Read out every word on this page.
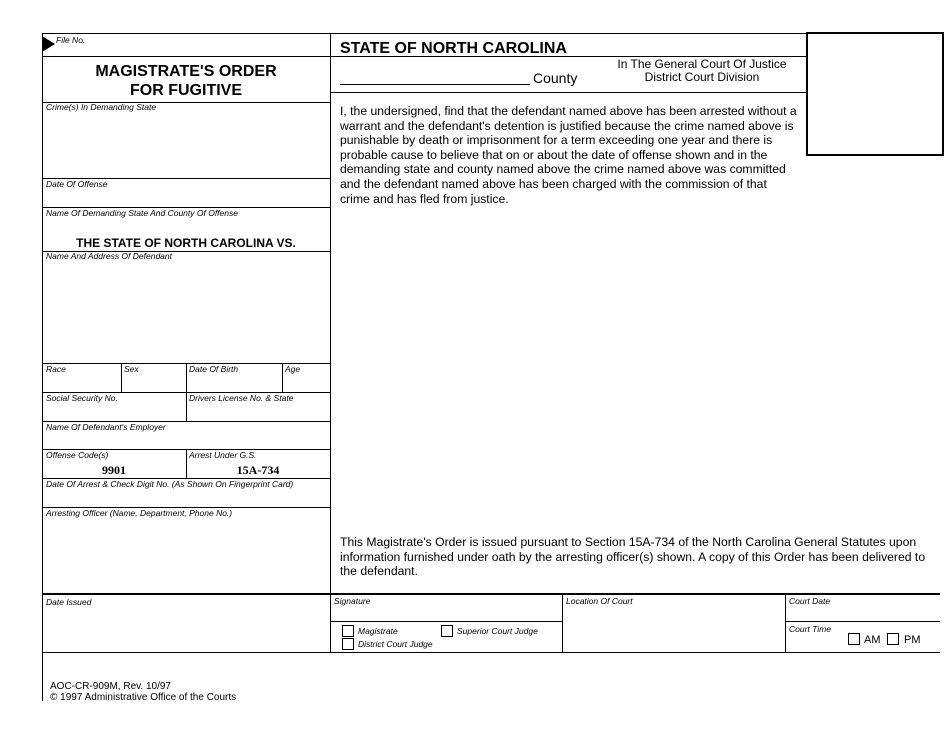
File No.
MAGISTRATE'S ORDER
FOR FUGITIVE
STATE OF NORTH CAROLINA
County
In The General Court Of Justice
District Court Division
Crime(s) In Demanding State
Date Of Offense
Name Of Demanding State And County Of Offense
THE STATE OF NORTH CAROLINA VS.
Name And Address Of Defendant
Race	Sex	Date Of Birth	Age
Social Security No.	Drivers License No. & State
Name Of Defendant's Employer
Offense Code(s)
9901
Arrest Under G.S.
15A-734
Date Of Arrest & Check Digit No. (As Shown On Fingerprint Card)
Arresting Officer (Name, Department, Phone No.)
I, the undersigned, find that the defendant named above has been arrested without a warrant and the defendant's detention is justified because the crime named above is punishable by death or imprisonment for a term exceeding one year and there is probable cause to believe that on or about the date of offense shown and in the demanding state and county named above the crime named above was committed and the defendant named above has been charged with the commission of that crime and has fled from justice.
This Magistrate's Order is issued pursuant to Section 15A-734 of the North Carolina General Statutes upon information furnished under oath by the arresting officer(s) shown. A copy of this Order has been delivered to the defendant.
Date Issued	Signature
Magistrate	Superior Court Judge
District Court Judge
Location Of Court	Court Date
Court Time
AM PM
AOC-CR-909M, Rev. 10/97
© 1997 Administrative Office of the Courts
